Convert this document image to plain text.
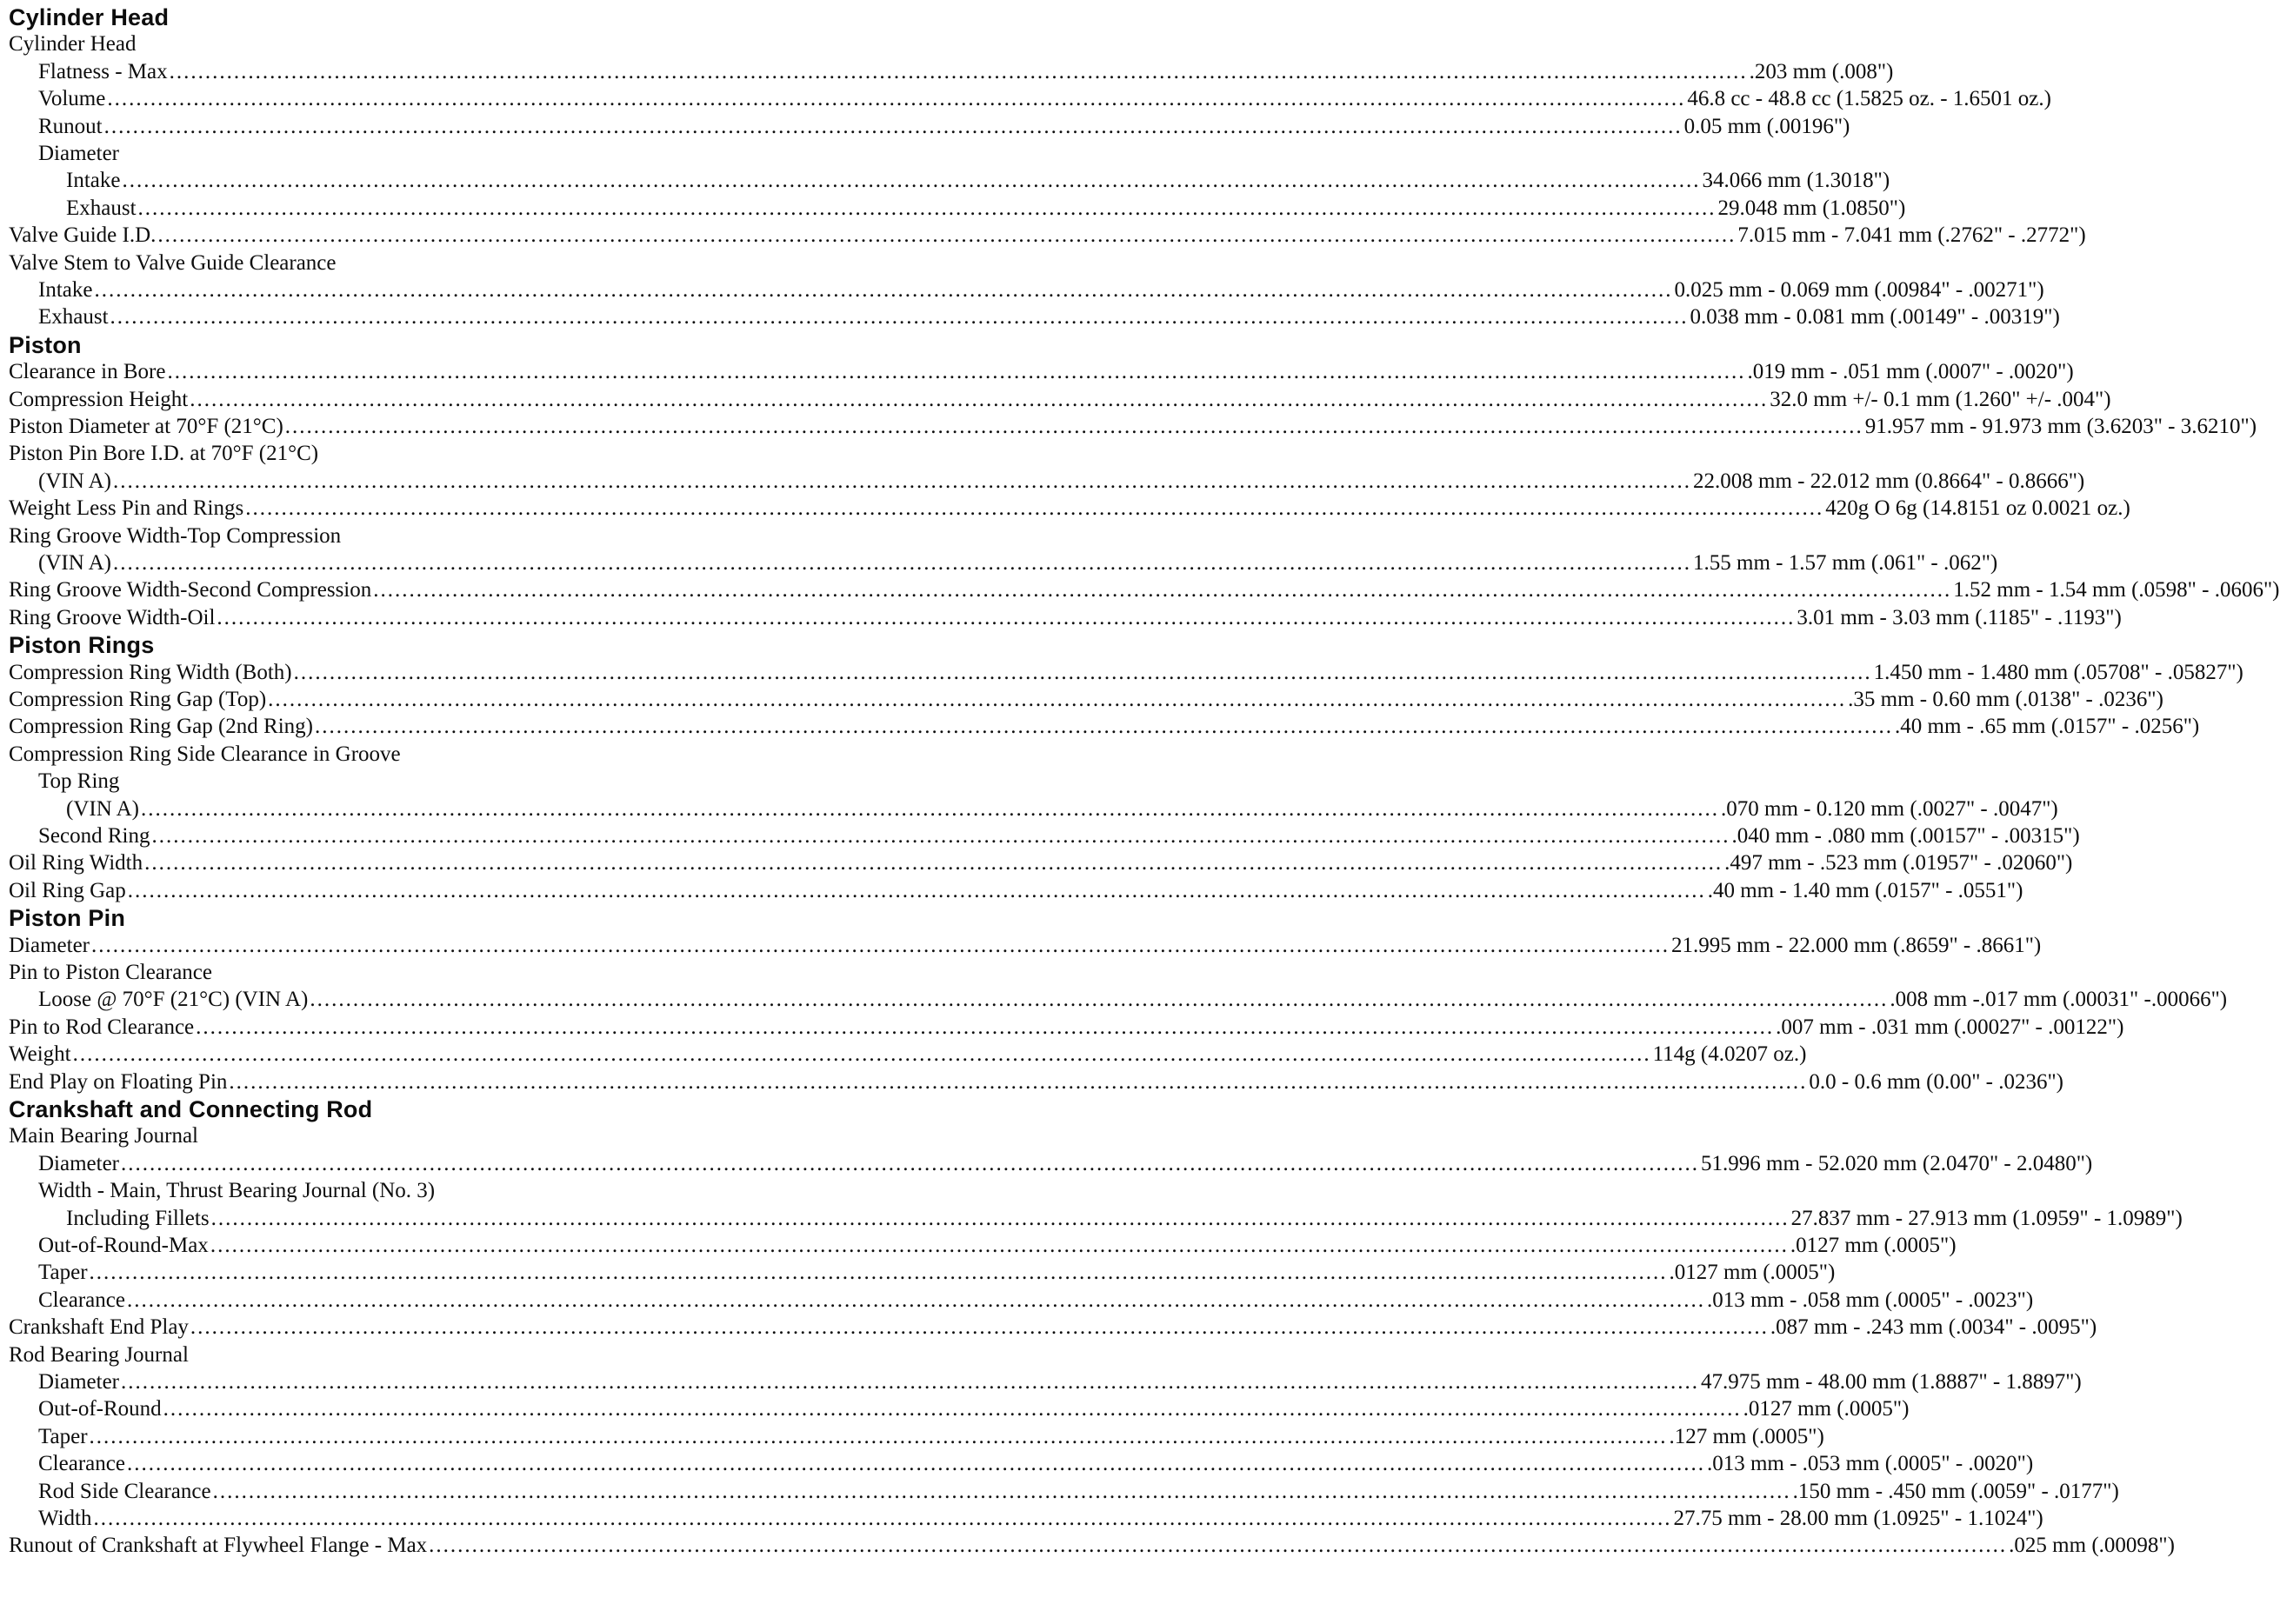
Cylinder Head
Cylinder Head
Flatness - Max ............................................................................................................................................................................................................................ .203 mm (.008")
Volume ............................................................................................................................................................................................................................ 46.8 cc - 48.8 cc (1.5825 oz. - 1.6501 oz.)
Runout ............................................................................................................................................................................................................................ 0.05 mm (.00196")
Diameter
Intake ............................................................................................................................................................................................................................ 34.066 mm (1.3018")
Exhaust ............................................................................................................................................................................................................................ 29.048 mm (1.0850")
Valve Guide I.D. ............................................................................................................................................................................................................................ 7.015 mm - 7.041 mm (.2762" - .2772")
Valve Stem to Valve Guide Clearance
Intake ............................................................................................................................................................................................................................ 0.025 mm - 0.069 mm (.00984" - .00271")
Exhaust ............................................................................................................................................................................................................................ 0.038 mm - 0.081 mm (.00149" - .00319")
Piston
Clearance in Bore ............................................................................................................................................................................................................................ .019 mm - .051 mm (.0007" - .0020")
Compression Height ............................................................................................................................................................................................................................ 32.0 mm +/- 0.1 mm (1.260" +/- .004")
Piston Diameter at 70°F (21°C) ............................................................................................................................................................................................................................ 91.957 mm - 91.973 mm (3.6203" - 3.6210")
Piston Pin Bore I.D. at 70°F (21°C)
(VIN A) ............................................................................................................................................................................................................................ 22.008 mm - 22.012 mm (0.8664" - 0.8666")
Weight Less Pin and Rings ............................................................................................................................................................................................................................ 420g O 6g (14.8151 oz 0.0021 oz.)
Ring Groove Width-Top Compression
(VIN A) ............................................................................................................................................................................................................................ 1.55 mm - 1.57 mm (.061" - .062")
Ring Groove Width-Second Compression ............................................................................................................................................................................................................................ 1.52 mm - 1.54 mm (.0598" - .0606")
Ring Groove Width-Oil ............................................................................................................................................................................................................................ 3.01 mm - 3.03 mm (.1185" - .1193")
Piston Rings
Compression Ring Width (Both) ............................................................................................................................................................................................................................ 1.450 mm - 1.480 mm (.05708" - .05827")
Compression Ring Gap (Top) ............................................................................................................................................................................................................................ .35 mm - 0.60 mm (.0138" - .0236")
Compression Ring Gap (2nd Ring) ............................................................................................................................................................................................................................ .40 mm - .65 mm (.0157" - .0256")
Compression Ring Side Clearance in Groove
Top Ring
(VIN A) ............................................................................................................................................................................................................................ .070 mm - 0.120 mm (.0027" - .0047")
Second Ring ............................................................................................................................................................................................................................ .040 mm - .080 mm (.00157" - .00315")
Oil Ring Width ............................................................................................................................................................................................................................ .497 mm - .523 mm (.01957" - .02060")
Oil Ring Gap ............................................................................................................................................................................................................................ .40 mm - 1.40 mm (.0157" - .0551")
Piston Pin
Diameter ............................................................................................................................................................................................................................ 21.995 mm - 22.000 mm (.8659" - .8661")
Pin to Piston Clearance
Loose @ 70°F (21°C) (VIN A) ............................................................................................................................................................................................................................ .008 mm -.017 mm (.00031" -.00066")
Pin to Rod Clearance ............................................................................................................................................................................................................................ .007 mm - .031 mm (.00027" - .00122")
Weight ............................................................................................................................................................................................................................ 114g (4.0207 oz.)
End Play on Floating Pin ............................................................................................................................................................................................................................ 0.0 - 0.6 mm (0.00" - .0236")
Crankshaft and Connecting Rod
Main Bearing Journal
Diameter ............................................................................................................................................................................................................................ 51.996 mm - 52.020 mm (2.0470" - 2.0480")
Width - Main, Thrust Bearing Journal (No. 3)
Including Fillets ............................................................................................................................................................................................................................ 27.837 mm - 27.913 mm (1.0959" - 1.0989")
Out-of-Round-Max ............................................................................................................................................................................................................................ .0127 mm (.0005")
Taper ............................................................................................................................................................................................................................ .0127 mm (.0005")
Clearance ............................................................................................................................................................................................................................ .013 mm - .058 mm (.0005" - .0023")
Crankshaft End Play ............................................................................................................................................................................................................................ .087 mm - .243 mm (.0034" - .0095")
Rod Bearing Journal
Diameter ............................................................................................................................................................................................................................ 47.975 mm - 48.00 mm (1.8887" - 1.8897")
Out-of-Round ............................................................................................................................................................................................................................ .0127 mm (.0005")
Taper ............................................................................................................................................................................................................................ .127 mm (.0005")
Clearance ............................................................................................................................................................................................................................ .013 mm - .053 mm (.0005" - .0020")
Rod Side Clearance ............................................................................................................................................................................................................................ .150 mm - .450 mm (.0059" - .0177")
Width ............................................................................................................................................................................................................................ 27.75 mm - 28.00 mm (1.0925" - 1.1024")
Runout of Crankshaft at Flywheel Flange - Max ............................................................................................................................................................................................................................ .025 mm (.00098")
